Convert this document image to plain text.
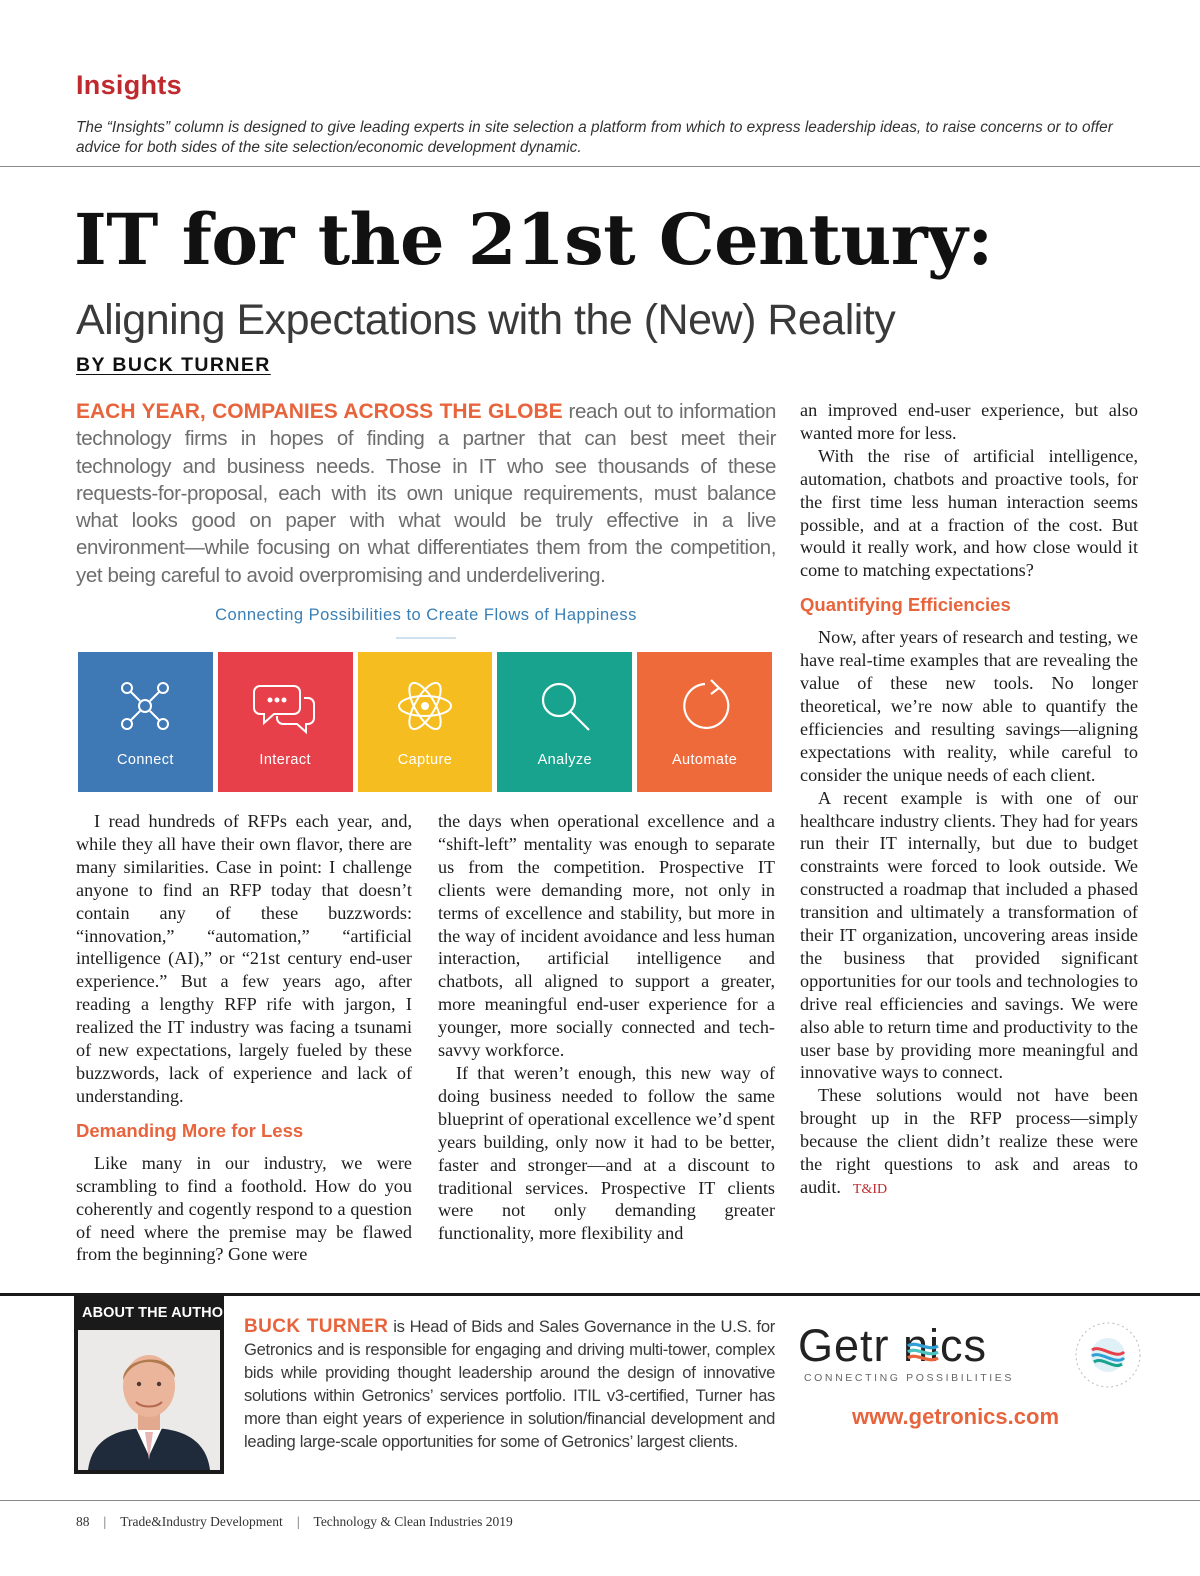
Insights

The “Insights” column is designed to give leading experts in site selection a platform from which to express leadership ideas, to raise concerns or to offer advice for both sides of the site selection/economic development dynamic.

IT for the 21st Century:
Aligning Expectations with the (New) Reality
BY BUCK TURNER

EACH YEAR, COMPANIES ACROSS THE GLOBE reach out to information technology firms in hopes of finding a partner that can best meet their technology and business needs. Those in IT who see thousands of these requests-for-proposal, each with its own unique requirements, must balance what looks good on paper with what would be truly effective in a live environment—while focusing on what differentiates them from the competition, yet being careful to avoid overpromising and underdelivering.

Connecting Possibilities to Create Flows of Happiness
Connect	Interact	Capture	Analyze	Automate

I read hundreds of RFPs each year, and, while they all have their own flavor, there are many similarities. Case in point: I challenge anyone to find an RFP today that doesn’t contain any of these buzzwords: “innovation,” “automation,” “artificial intelligence (AI),” or “21st century end-user experience.” But a few years ago, after reading a lengthy RFP rife with jargon, I realized the IT industry was facing a tsunami of new expectations, largely fueled by these buzzwords, lack of experience and lack of understanding.

Demanding More for Less

Like many in our industry, we were scrambling to find a foothold. How do you coherently and cogently respond to a question of need where the premise may be flawed from the beginning? Gone were

the days when operational excellence and a “shift-left” mentality was enough to separate us from the competition. Prospective IT clients were demanding more, not only in terms of excellence and stability, but more in the way of incident avoidance and less human interaction, artificial intelligence and chatbots, all aligned to support a greater, more meaningful end-user experience for a younger, more socially connected and tech-savvy workforce.

If that weren’t enough, this new way of doing business needed to follow the same blueprint of operational excellence we’d spent years building, only now it had to be better, faster and stronger—and at a discount to traditional services. Prospective IT clients were not only demanding greater functionality, more flexibility and

an improved end-user experience, but also wanted more for less.

With the rise of artificial intelligence, automation, chatbots and proactive tools, for the first time less human interaction seems possible, and at a fraction of the cost. But would it really work, and how close would it come to matching expectations?

Quantifying Efficiencies

Now, after years of research and testing, we have real-time examples that are revealing the value of these new tools. No longer theoretical, we’re now able to quantify the efficiencies and resulting savings—aligning expectations with reality, while careful to consider the unique needs of each client.

A recent example is with one of our healthcare industry clients. They had for years run their IT internally, but due to budget constraints were forced to look outside. We constructed a roadmap that included a phased transition and ultimately a transformation of their IT organization, uncovering areas inside the business that provided significant opportunities for our tools and technologies to drive real efficiencies and savings. We were also able to return time and productivity to the user base by providing more meaningful and innovative ways to connect.

These solutions would not have been brought up in the RFP process—simply because the client didn’t realize these were the right questions to ask and areas to audit. T&ID

ABOUT THE AUTHOR

BUCK TURNER is Head of Bids and Sales Governance in the U.S. for Getronics and is responsible for engaging and driving multi-tower, complex bids while providing thought leadership around the design of innovative solutions within Getronics’ services portfolio. ITIL v3-certified, Turner has more than eight years of experience in solution/financial development and leading large-scale opportunities for some of Getronics’ largest clients.

Getr nics
CONNECTING POSSIBILITIES
www.getronics.com
88 | Trade&Industry Development | Technology & Clean Industries 2019
